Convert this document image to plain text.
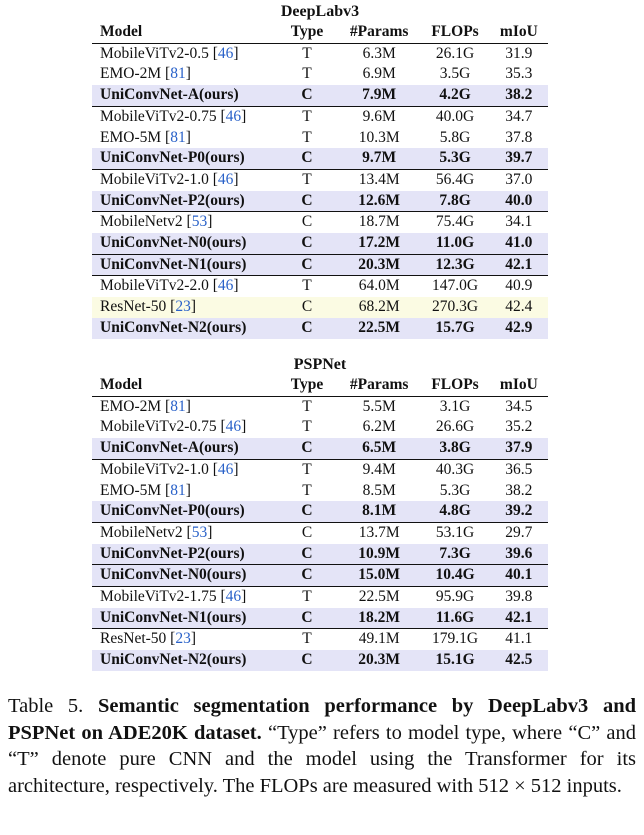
DeepLabv3
Model	Type	#Params	FLOPs	mIoU
MobileViTv2-0.5 [46]	T	6.3M	26.1G	31.9
EMO-2M [81]	T	6.9M	3.5G	35.3
UniConvNet-A(ours)	C	7.9M	4.2G	38.2
MobileViTv2-0.75 [46]	T	9.6M	40.0G	34.7
EMO-5M [81]	T	10.3M	5.8G	37.8
UniConvNet-P0(ours)	C	9.7M	5.3G	39.7
MobileViTv2-1.0 [46]	T	13.4M	56.4G	37.0
UniConvNet-P2(ours)	C	12.6M	7.8G	40.0
MobileNetv2 [53]	C	18.7M	75.4G	34.1
UniConvNet-N0(ours)	C	17.2M	11.0G	41.0
UniConvNet-N1(ours)	C	20.3M	12.3G	42.1
MobileViTv2-2.0 [46]	T	64.0M	147.0G	40.9
ResNet-50 [23]	C	68.2M	270.3G	42.4
UniConvNet-N2(ours)	C	22.5M	15.7G	42.9
PSPNet
Model	Type	#Params	FLOPs	mIoU
EMO-2M [81]	T	5.5M	3.1G	34.5
MobileViTv2-0.75 [46]	T	6.2M	26.6G	35.2
UniConvNet-A(ours)	C	6.5M	3.8G	37.9
MobileViTv2-1.0 [46]	T	9.4M	40.3G	36.5
EMO-5M [81]	T	8.5M	5.3G	38.2
UniConvNet-P0(ours)	C	8.1M	4.8G	39.2
MobileNetv2 [53]	C	13.7M	53.1G	29.7
UniConvNet-P2(ours)	C	10.9M	7.3G	39.6
UniConvNet-N0(ours)	C	15.0M	10.4G	40.1
MobileViTv2-1.75 [46]	T	22.5M	95.9G	39.8
UniConvNet-N1(ours)	C	18.2M	11.6G	42.1
ResNet-50 [23]	T	49.1M	179.1G	41.1
UniConvNet-N2(ours)	C	20.3M	15.1G	42.5
Table 5. Semantic segmentation performance by DeepLabv3 and PSPNet on ADE20K dataset. “Type” refers to model type, where “C” and “T” denote pure CNN and the model using the Transformer for its architecture, respectively. The FLOPs are measured with 512 × 512 inputs.
